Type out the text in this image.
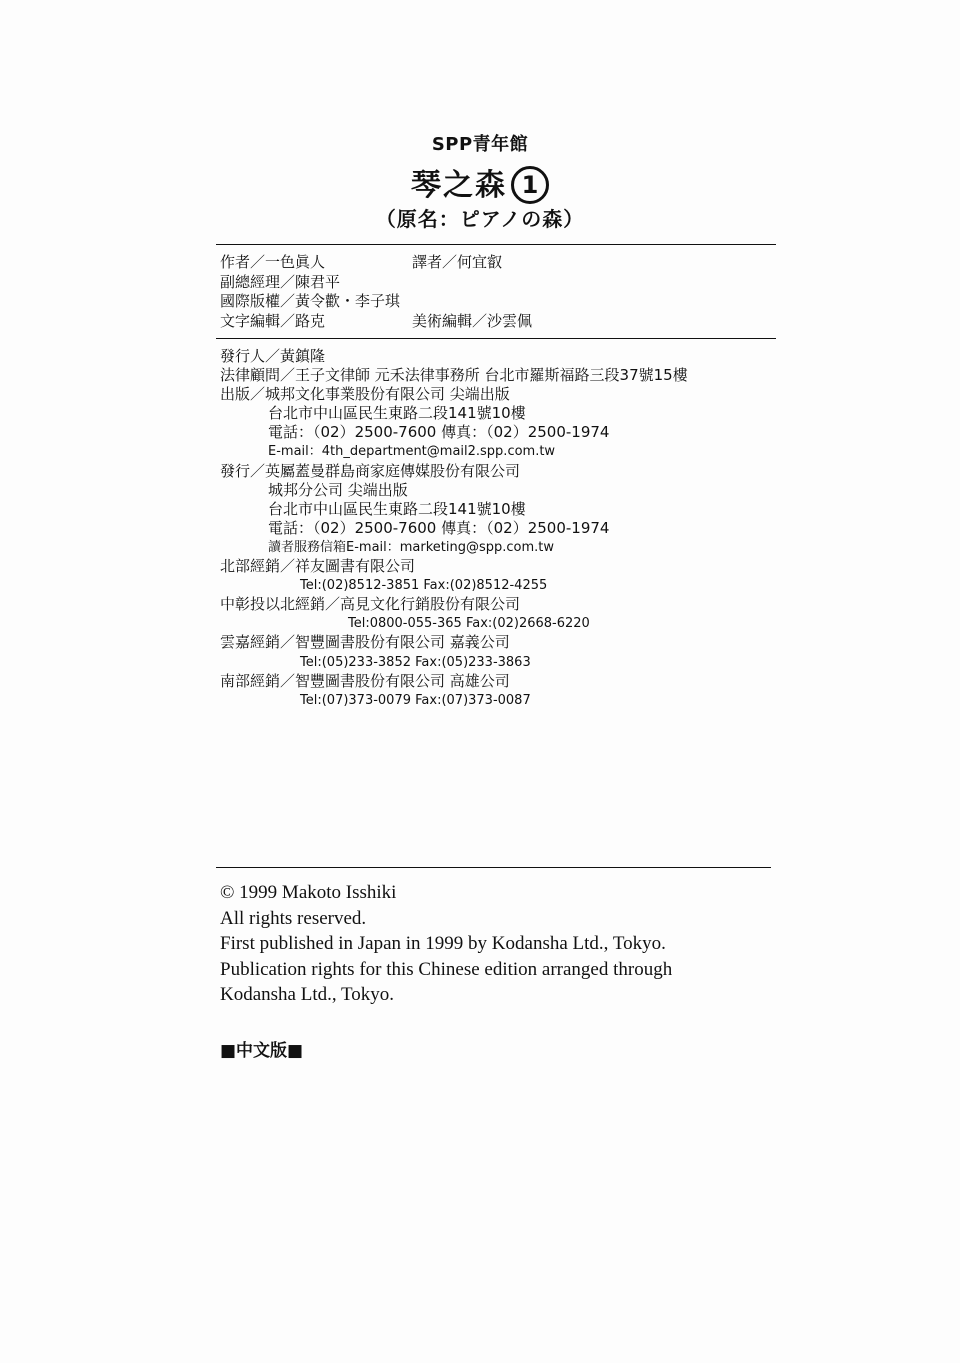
SPP青年館
琴之森 1
（原名：ピアノの森）
作者／一色眞人	譯者／何宜叡
副總經理／陳君平
國際版權／黃令歡・李子琪
文字編輯／路克	美術編輯／沙雲佩
發行人／黃鎮隆
法律顧問／王子文律師 元禾法律事務所 台北市羅斯福路三段37號15樓
出版／城邦文化事業股份有限公司 尖端出版
台北市中山區民生東路二段141號10樓
電話：（02）2500-7600 傳真：（02）2500-1974
E-mail：4th_department@mail2.spp.com.tw
發行／英屬蓋曼群島商家庭傳媒股份有限公司
城邦分公司 尖端出版
台北市中山區民生東路二段141號10樓
電話：（02）2500-7600 傳真：（02）2500-1974
讀者服務信箱E-mail：marketing@spp.com.tw
北部經銷／祥友圖書有限公司
Tel:(02)8512-3851 Fax:(02)8512-4255
中彰投以北經銷／高見文化行銷股份有限公司
Tel:0800-055-365 Fax:(02)2668-6220
雲嘉經銷／智豐圖書股份有限公司 嘉義公司
Tel:(05)233-3852 Fax:(05)233-3863
南部經銷／智豐圖書股份有限公司 高雄公司
Tel:(07)373-0079 Fax:(07)373-0087
© 1999 Makoto Isshiki
All rights reserved.
First published in Japan in 1999 by Kodansha Ltd., Tokyo.
Publication rights for this Chinese edition arranged through
Kodansha Ltd., Tokyo.
■中文版■
